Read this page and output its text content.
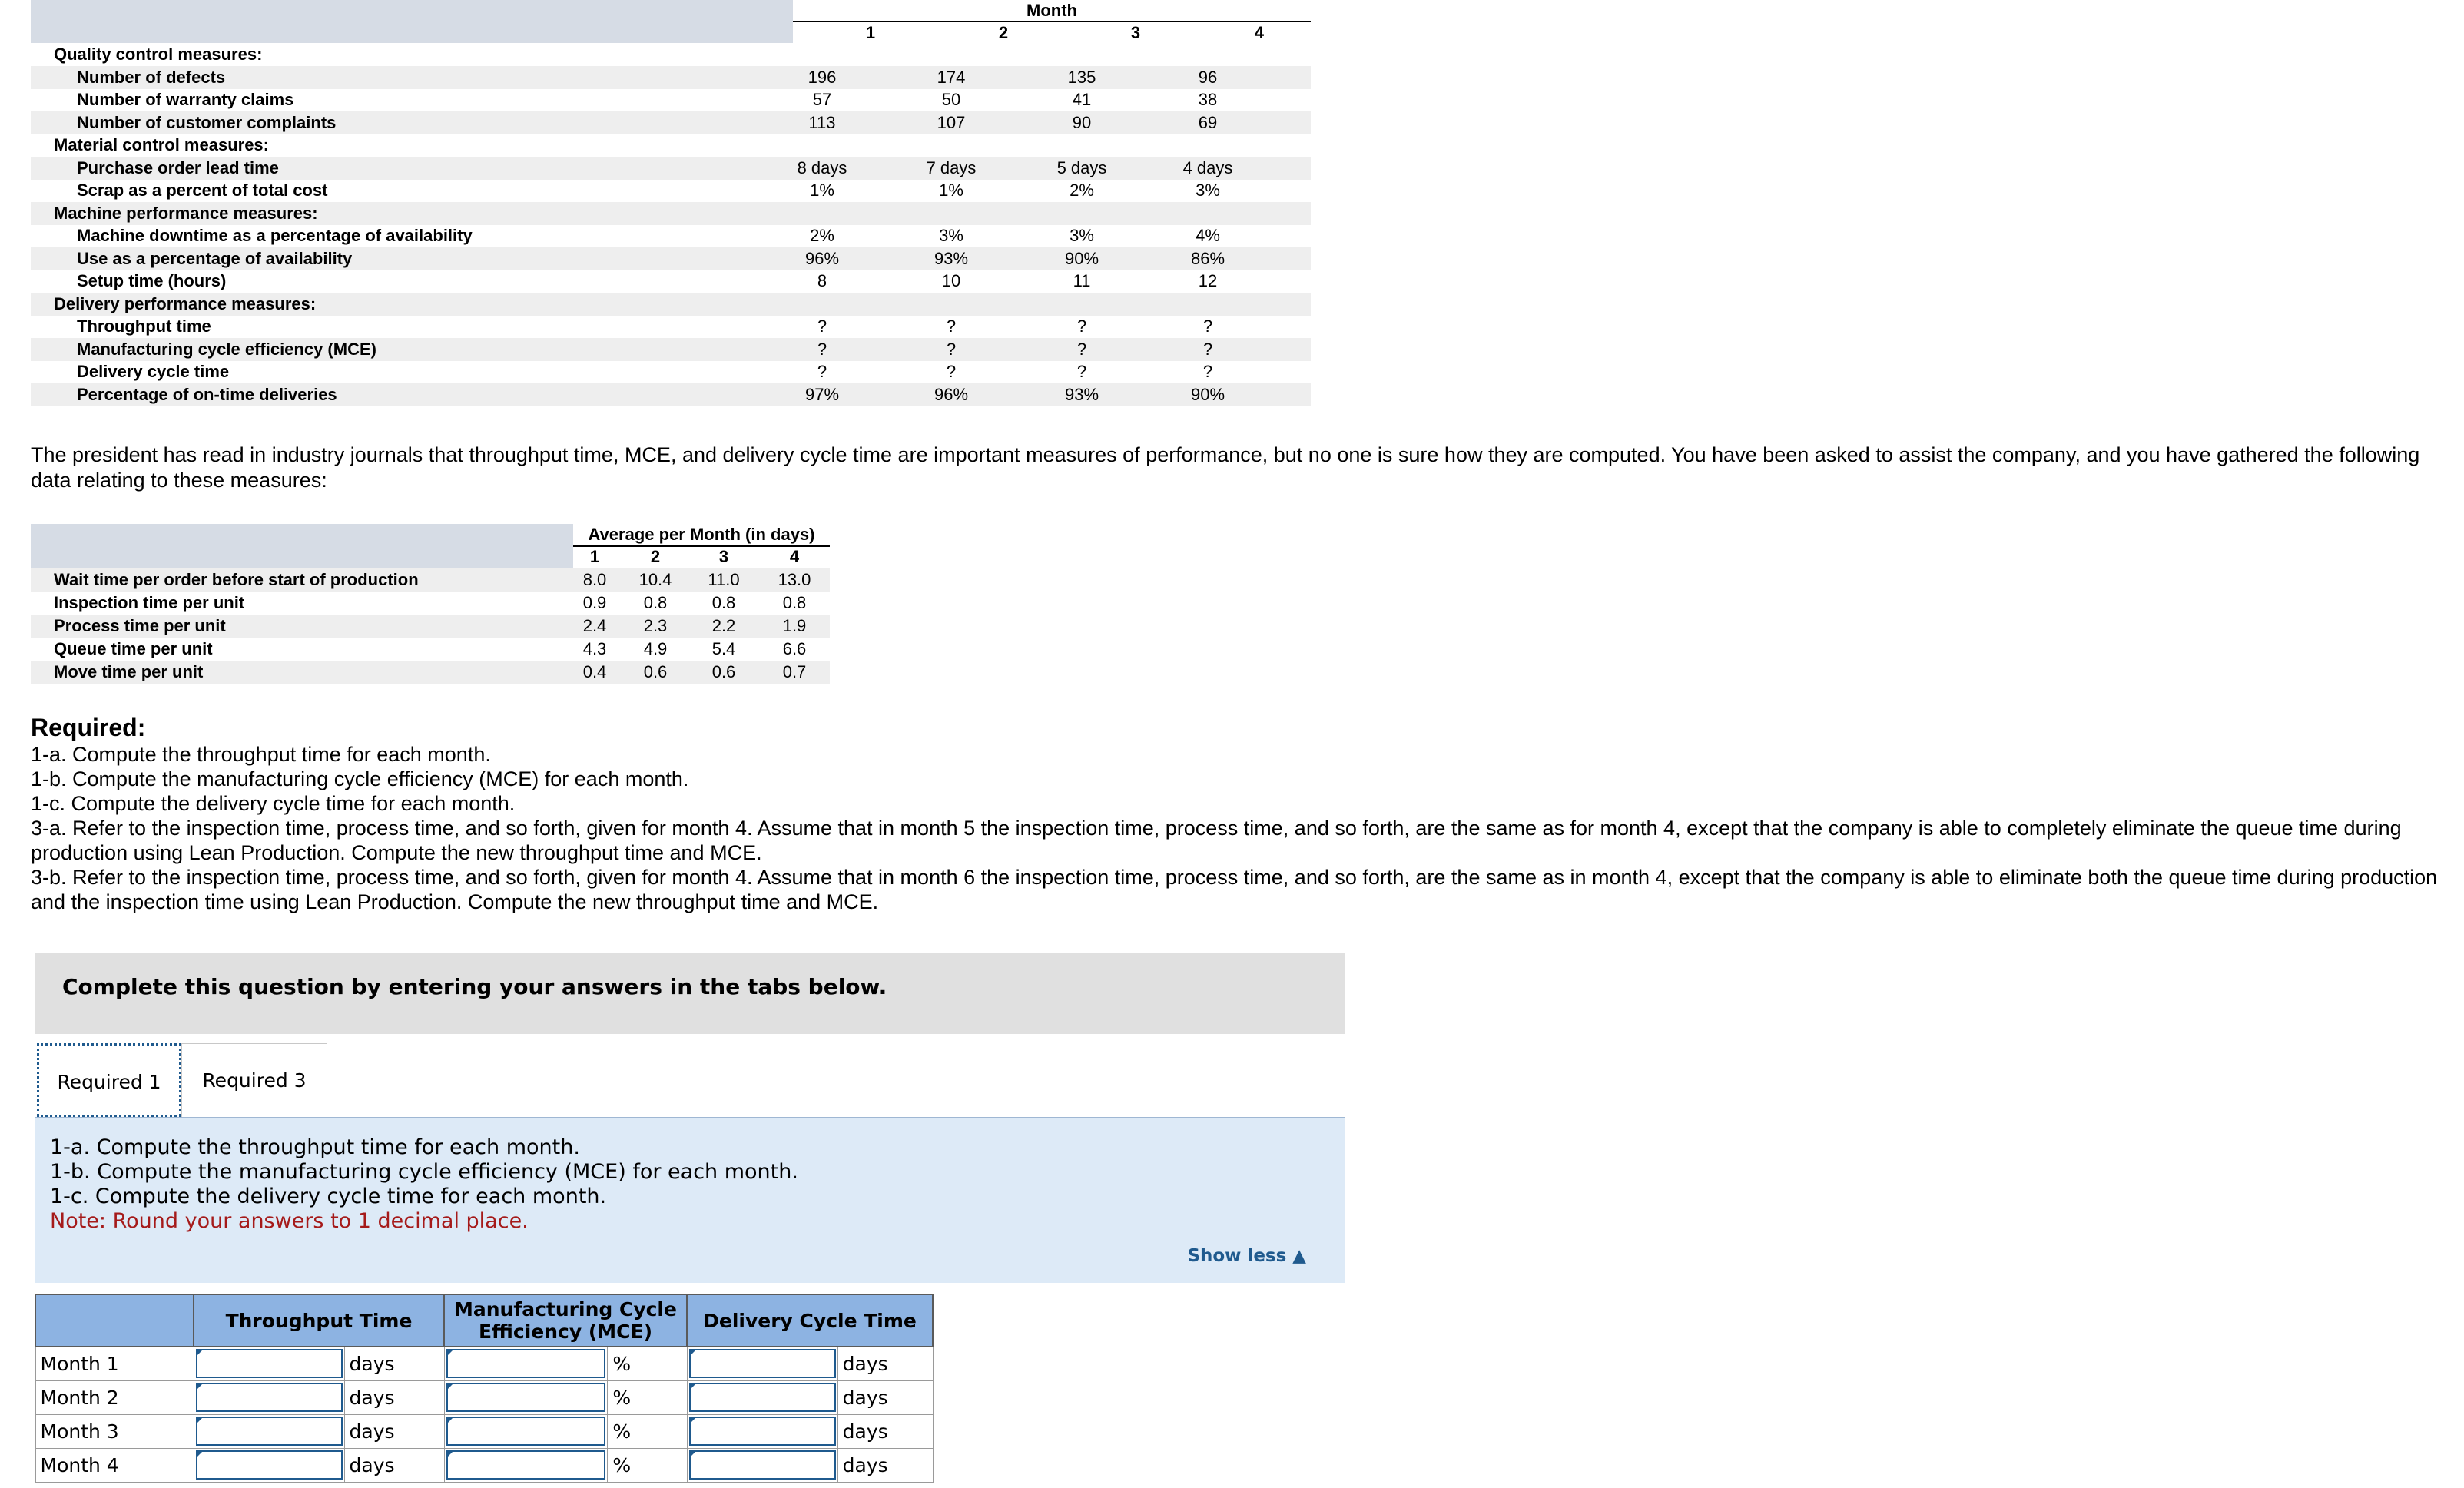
Month
1	2	3	4
Quality control measures:
Number of defects	196	174	135	96
Number of warranty claims	57	50	41	38
Number of customer complaints	113	107	90	69
Material control measures:
Purchase order lead time	8 days	7 days	5 days	4 days
Scrap as a percent of total cost	1%	1%	2%	3%
Machine performance measures:
Machine downtime as a percentage of availability	2%	3%	3%	4%
Use as a percentage of availability	96%	93%	90%	86%
Setup time (hours)	8	10	11	12
Delivery performance measures:
Throughput time	?	?	?	?
Manufacturing cycle efficiency (MCE)	?	?	?	?
Delivery cycle time	?	?	?	?
Percentage of on-time deliveries	97%	96%	93%	90%
The president has read in industry journals that throughput time, MCE, and delivery cycle time are important measures of performance, but no one is sure how they are computed. You have been asked to assist the company, and you have gathered the following data relating to these measures:
Average per Month (in days)
1	2	3	4
Wait time per order before start of production	8.0	10.4	11.0	13.0
Inspection time per unit	0.9	0.8	0.8	0.8
Process time per unit	2.4	2.3	2.2	1.9
Queue time per unit	4.3	4.9	5.4	6.6
Move time per unit	0.4	0.6	0.6	0.7
Required:
1-a. Compute the throughput time for each month.
1-b. Compute the manufacturing cycle efficiency (MCE) for each month.
1-c. Compute the delivery cycle time for each month.
3-a. Refer to the inspection time, process time, and so forth, given for month 4. Assume that in month 5 the inspection time, process time, and so forth, are the same as for month 4, except that the company is able to completely eliminate the queue time during production using Lean Production. Compute the new throughput time and MCE.
3-b. Refer to the inspection time, process time, and so forth, given for month 4. Assume that in month 6 the inspection time, process time, and so forth, are the same as in month 4, except that the company is able to eliminate both the queue time during production and the inspection time using Lean Production. Compute the new throughput time and MCE.
Complete this question by entering your answers in the tabs below.
Required 1	Required 3
1-a. Compute the throughput time for each month.
1-b. Compute the manufacturing cycle efficiency (MCE) for each month.
1-c. Compute the delivery cycle time for each month.
Note: Round your answers to 1 decimal place.
Show less ▲
	Throughput Time		Manufacturing Cycle Efficiency (MCE)		Delivery Cycle Time	
Month 1		days		%		days
Month 2		days		%		days
Month 3		days		%		days
Month 4		days		%		days
